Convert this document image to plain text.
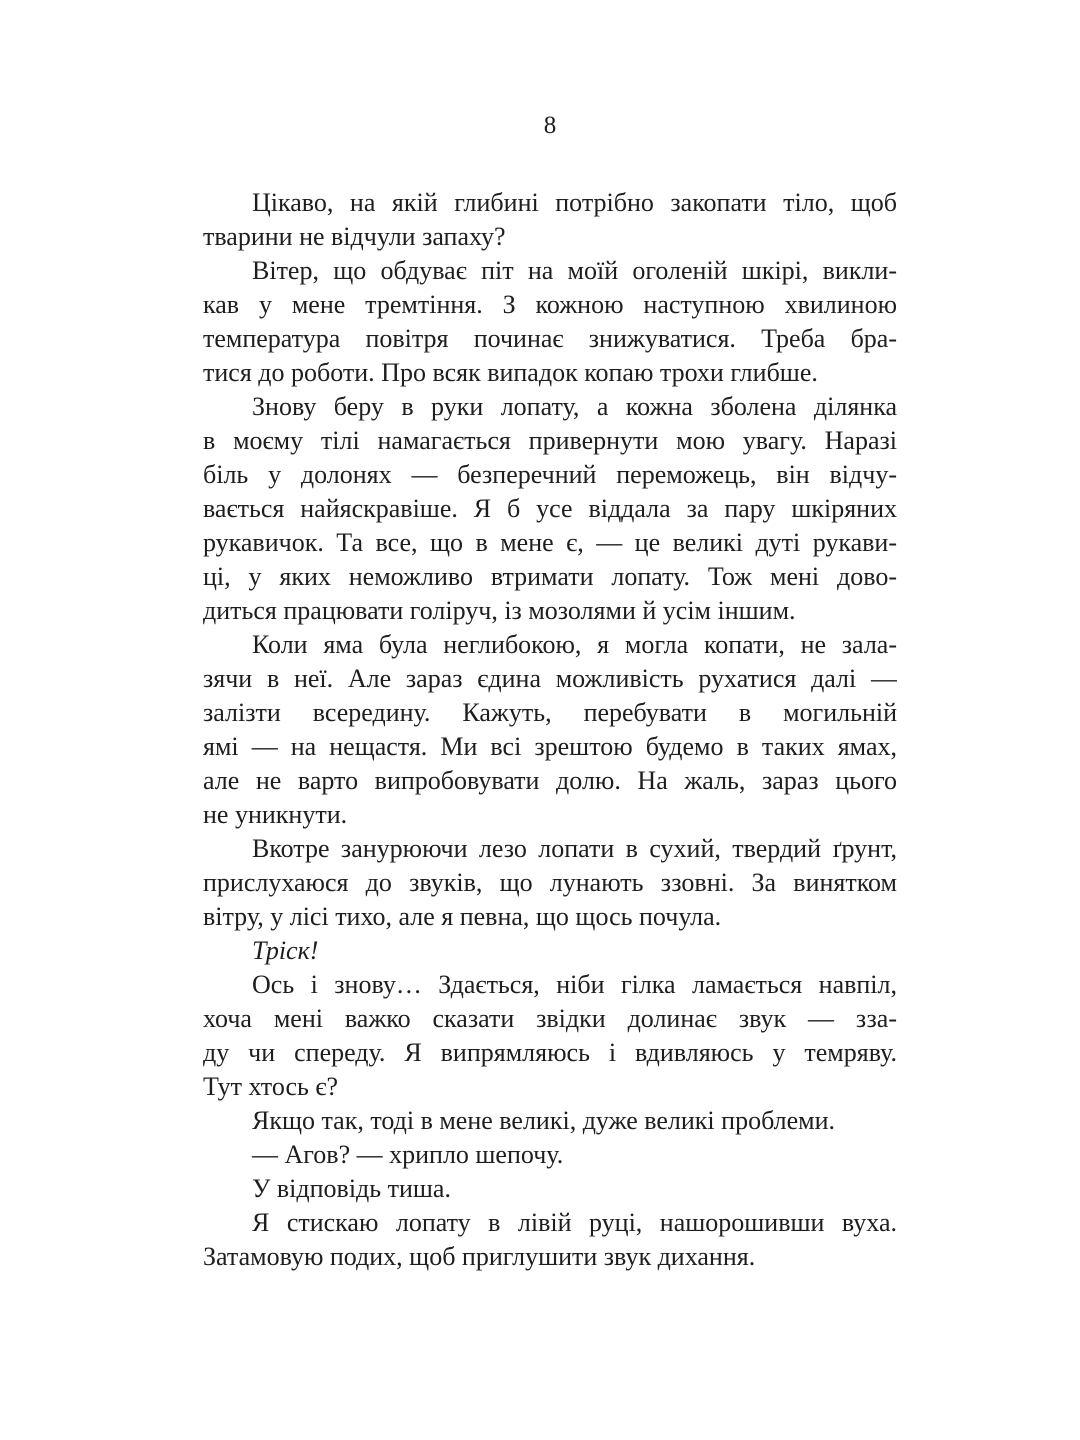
8
Цікаво, на якій глибині потрібно закопати тіло, щоб
тварини не відчули запаху?
Вітер, що обдуває піт на моїй оголеній шкірі, викли-
кав у мене тремтіння. З кожною наступною хвилиною
температура повітря починає знижуватися. Треба бра-
тися до роботи. Про всяк випадок копаю трохи глибше.
Знову беру в руки лопату, а кожна зболена ділянка
в моєму тілі намагається привернути мою увагу. Наразі
біль у долонях — безперечний переможець, він відчу-
вається найяскравіше. Я б усе віддала за пару шкіряних
рукавичок. Та все, що в мене є, — це великі дуті рукави-
ці, у яких неможливо втримати лопату. Тож мені дово-
диться працювати голіруч, із мозолями й усім іншим.
Коли яма була неглибокою, я могла копати, не зала-
зячи в неї. Але зараз єдина можливість рухатися далі —
залізти всередину. Кажуть, перебувати в могильній
ямі — на нещастя. Ми всі зрештою будемо в таких ямах,
але не варто випробовувати долю. На жаль, зараз цього
не уникнути.
Вкотре занурюючи лезо лопати в сухий, твердий ґрунт,
прислухаюся до звуків, що лунають ззовні. За винятком
вітру, у лісі тихо, але я певна, що щось почула.
Тріск!
Ось і знову… Здається, ніби гілка ламається навпіл,
хоча мені важко сказати звідки долинає звук — зза-
ду чи спереду. Я випрямляюсь і вдивляюсь у темряву.
Тут хтось є?
Якщо так, тоді в мене великі, дуже великі проблеми.
— Агов? — хрипло шепочу.
У відповідь тиша.
Я стискаю лопату в лівій руці, нашорошивши вуха.
Затамовую подих, щоб приглушити звук дихання.
